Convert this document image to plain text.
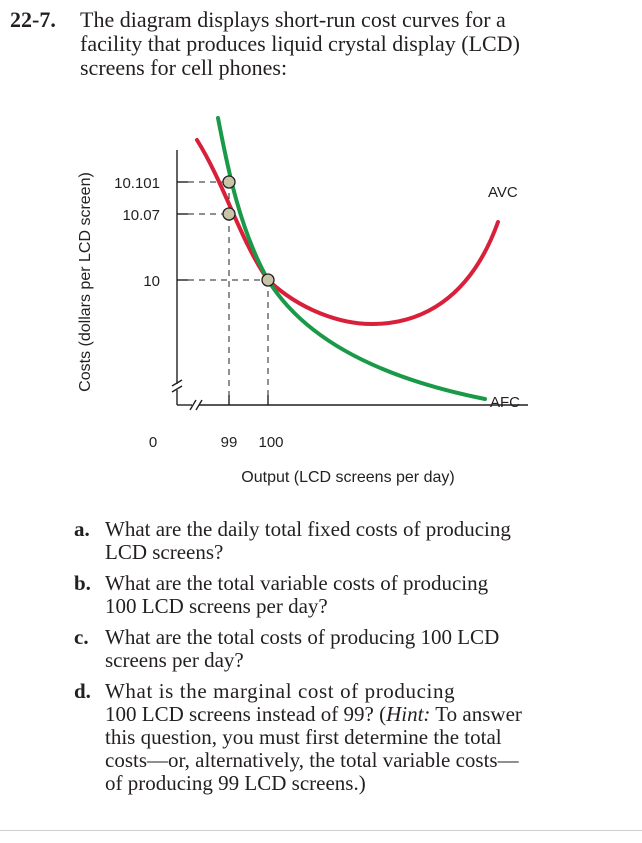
22-7. The diagram displays short-run cost curves for a
facility that produces liquid crystal display (LCD)
screens for cell phones:
Costs (dollars per LCD screen) 10.101
10.07
10
0	99 100
AVC
AFC
Output (LCD screens per day)
a. What are the daily total fixed costs of producing
LCD screens?
b. What are the total variable costs of producing
100 LCD screens per day?
c. What are the total costs of producing 100 LCD
screens per day?
d. What is the marginal cost of producing
100 LCD screens instead of 99? (Hint: To answer
this question, you must first determine the total
costs—or, alternatively, the total variable costs—
of producing 99 LCD screens.)
